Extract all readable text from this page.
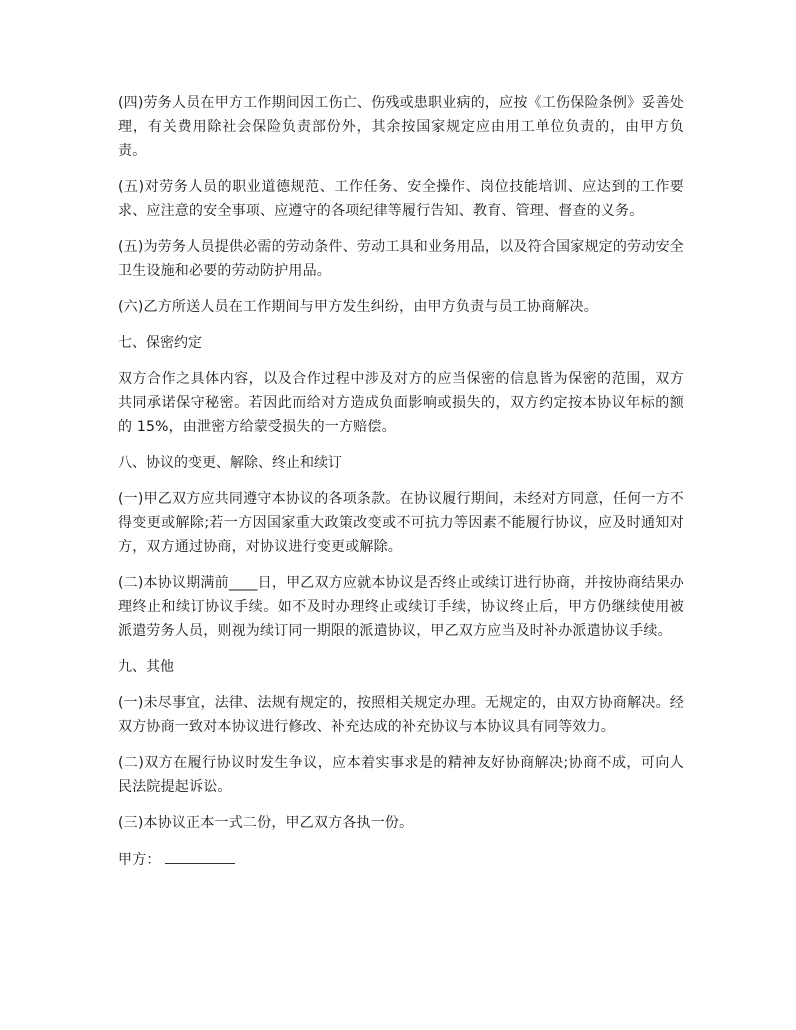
(四)劳务人员在甲方工作期间因工伤亡、伤残或患职业病的，应按《工伤保险条例》妥善处理，有关费用除社会保险负责部份外，其余按国家规定应由用工单位负责的，由甲方负责。

(五)对劳务人员的职业道德规范、工作任务、安全操作、岗位技能培训、应达到的工作要求、应注意的安全事项、应遵守的各项纪律等履行告知、教育、管理、督查的义务。

(五)为劳务人员提供必需的劳动条件、劳动工具和业务用品，以及符合国家规定的劳动安全卫生设施和必要的劳动防护用品。

(六)乙方所送人员在工作期间与甲方发生纠纷，由甲方负责与员工协商解决。

七、保密约定

双方合作之具体内容，以及合作过程中涉及对方的应当保密的信息皆为保密的范围，双方共同承诺保守秘密。若因此而给对方造成负面影响或损失的，双方约定按本协议年标的额的 15%，由泄密方给蒙受损失的一方赔偿。

八、协议的变更、解除、终止和续订

(一)甲乙双方应共同遵守本协议的各项条款。在协议履行期间，未经对方同意，任何一方不得变更或解除;若一方因国家重大政策改变或不可抗力等因素不能履行协议，应及时通知对方，双方通过协商，对协议进行变更或解除。

(二)本协议期满前____日，甲乙双方应就本协议是否终止或续订进行协商，并按协商结果办理终止和续订协议手续。如不及时办理终止或续订手续，协议终止后，甲方仍继续使用被派遣劳务人员，则视为续订同一期限的派遣协议，甲乙双方应当及时补办派遣协议手续。

九、其他

(一)未尽事宜，法律、法规有规定的，按照相关规定办理。无规定的，由双方协商解决。经双方协商一致对本协议进行修改、补充达成的补充协议与本协议具有同等效力。

(二)双方在履行协议时发生争议，应本着实事求是的精神友好协商解决;协商不成，可向人民法院提起诉讼。

(三)本协议正本一式二份，甲乙双方各执一份。

甲方：
